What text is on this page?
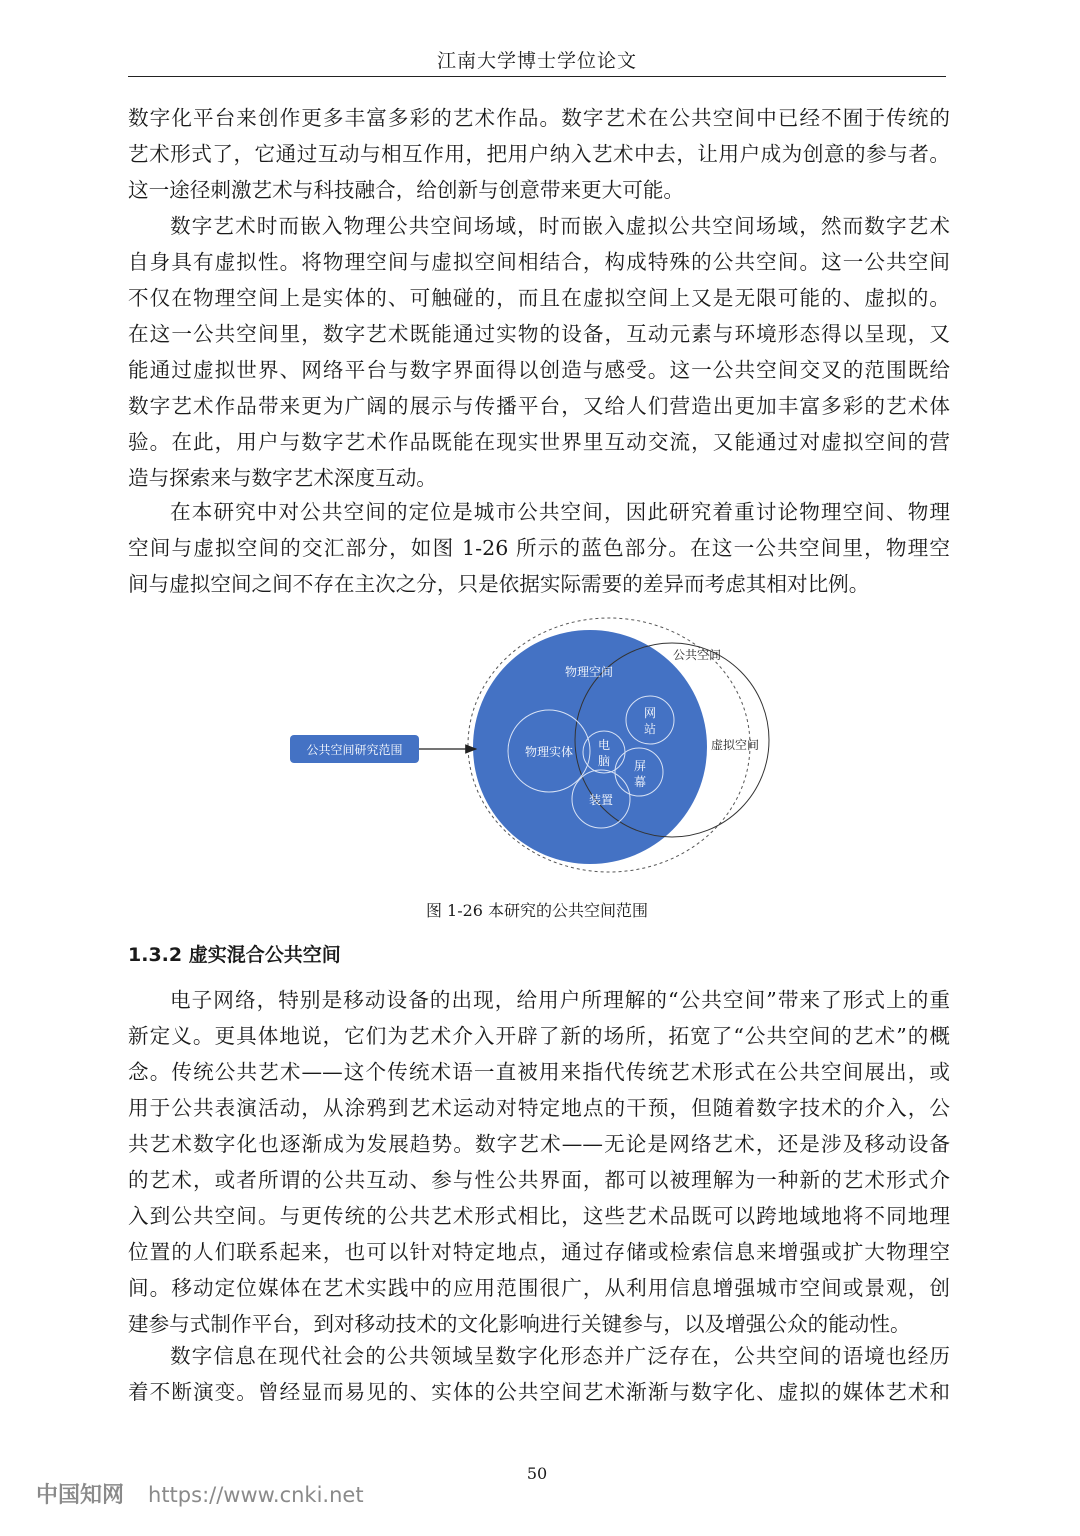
江南大学博士学位论文
数字化平台来创作更多丰富多彩的艺术作品。数字艺术在公共空间中已经不囿于传统的
艺术形式了，它通过互动与相互作用，把用户纳入艺术中去，让用户成为创意的参与者。
这一途径刺激艺术与科技融合，给创新与创意带来更大可能。
数字艺术时而嵌入物理公共空间场域，时而嵌入虚拟公共空间场域，然而数字艺术
自身具有虚拟性。将物理空间与虚拟空间相结合，构成特殊的公共空间。这一公共空间
不仅在物理空间上是实体的、可触碰的，而且在虚拟空间上又是无限可能的、虚拟的。
在这一公共空间里，数字艺术既能通过实物的设备，互动元素与环境形态得以呈现，又
能通过虚拟世界、网络平台与数字界面得以创造与感受。这一公共空间交叉的范围既给
数字艺术作品带来更为广阔的展示与传播平台，又给人们营造出更加丰富多彩的艺术体
验。在此，用户与数字艺术作品既能在现实世界里互动交流，又能通过对虚拟空间的营
造与探索来与数字艺术深度互动。
在本研究中对公共空间的定位是城市公共空间，因此研究着重讨论物理空间、物理
空间与虚拟空间的交汇部分，如图 1-26 所示的蓝色部分。在这一公共空间里，物理空
间与虚拟空间之间不存在主次之分，只是依据实际需要的差异而考虑其相对比例。
物理空间
公共空间
虚拟空间
物理实体 电
脑
网
站
屏
幕
装置
公共空间研究范围
图 1-26 本研究的公共空间范围
1.3.2 虚实混合公共空间
电子网络，特别是移动设备的出现，给用户所理解的“公共空间”带来了形式上的重
新定义。更具体地说，它们为艺术介入开辟了新的场所，拓宽了“公共空间的艺术”的概
念。传统公共艺术——这个传统术语一直被用来指代传统艺术形式在公共空间展出，或
用于公共表演活动，从涂鸦到艺术运动对特定地点的干预，但随着数字技术的介入，公
共艺术数字化也逐渐成为发展趋势。数字艺术——无论是网络艺术，还是涉及移动设备
的艺术，或者所谓的公共互动、参与性公共界面，都可以被理解为一种新的艺术形式介
入到公共空间。与更传统的公共艺术形式相比，这些艺术品既可以跨地域地将不同地理
位置的人们联系起来，也可以针对特定地点，通过存储或检索信息来增强或扩大物理空
间。移动定位媒体在艺术实践中的应用范围很广，从利用信息增强城市空间或景观，创
建参与式制作平台，到对移动技术的文化影响进行关键参与，以及增强公众的能动性。
数字信息在现代社会的公共领域呈数字化形态并广泛存在，公共空间的语境也经历
着不断演变。曾经显而易见的、实体的公共空间艺术渐渐与数字化、虚拟的媒体艺术和
50
中国知网 https://www.cnki.net
